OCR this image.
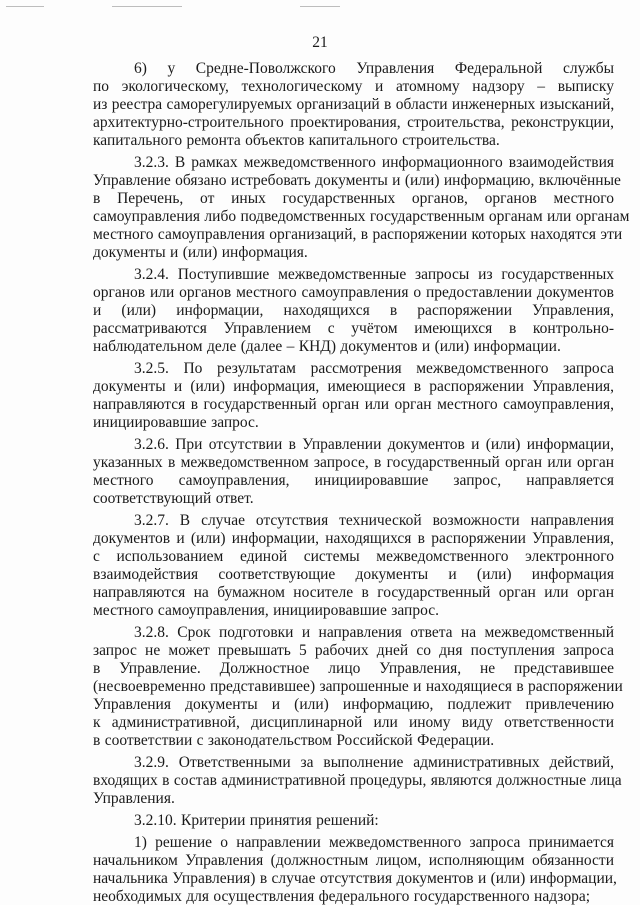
21
6) у Средне-Поволжского Управления Федеральной службы
по экологическому, технологическому и атомному надзору – выписку
из реестра саморегулируемых организаций в области инженерных изысканий,
архитектурно-строительного проектирования, строительства, реконструкции,
капитального ремонта объектов капитального строительства.
3.2.3. В рамках межведомственного информационного взаимодействия
Управление обязано истребовать документы и (или) информацию, включённые
в Перечень, от иных государственных органов, органов местного
самоуправления либо подведомственных государственным органам или органам
местного самоуправления организаций, в распоряжении которых находятся эти
документы и (или) информация.
3.2.4. Поступившие межведомственные запросы из государственных
органов или органов местного самоуправления о предоставлении документов
и (или) информации, находящихся в распоряжении Управления,
рассматриваются Управлением с учётом имеющихся в контрольно-
наблюдательном деле (далее – КНД) документов и (или) информации.
3.2.5. По результатам рассмотрения межведомственного запроса
документы и (или) информация, имеющиеся в распоряжении Управления,
направляются в государственный орган или орган местного самоуправления,
инициировавшие запрос.
3.2.6. При отсутствии в Управлении документов и (или) информации,
указанных в межведомственном запросе, в государственный орган или орган
местного самоуправления, инициировавшие запрос, направляется
соответствующий ответ.
3.2.7. В случае отсутствия технической возможности направления
документов и (или) информации, находящихся в распоряжении Управления,
с использованием единой системы межведомственного электронного
взаимодействия соответствующие документы и (или) информация
направляются на бумажном носителе в государственный орган или орган
местного самоуправления, инициировавшие запрос.
3.2.8. Срок подготовки и направления ответа на межведомственный
запрос не может превышать 5 рабочих дней со дня поступления запроса
в Управление. Должностное лицо Управления, не представившее
(несвоевременно представившее) запрошенные и находящиеся в распоряжении
Управления документы и (или) информацию, подлежит привлечению
к административной, дисциплинарной или иному виду ответственности
в соответствии с законодательством Российской Федерации.
3.2.9. Ответственными за выполнение административных действий,
входящих в состав административной процедуры, являются должностные лица
Управления.
3.2.10. Критерии принятия решений:
1) решение о направлении межведомственного запроса принимается
начальником Управления (должностным лицом, исполняющим обязанности
начальника Управления) в случае отсутствия документов и (или) информации,
необходимых для осуществления федерального государственного надзора;
